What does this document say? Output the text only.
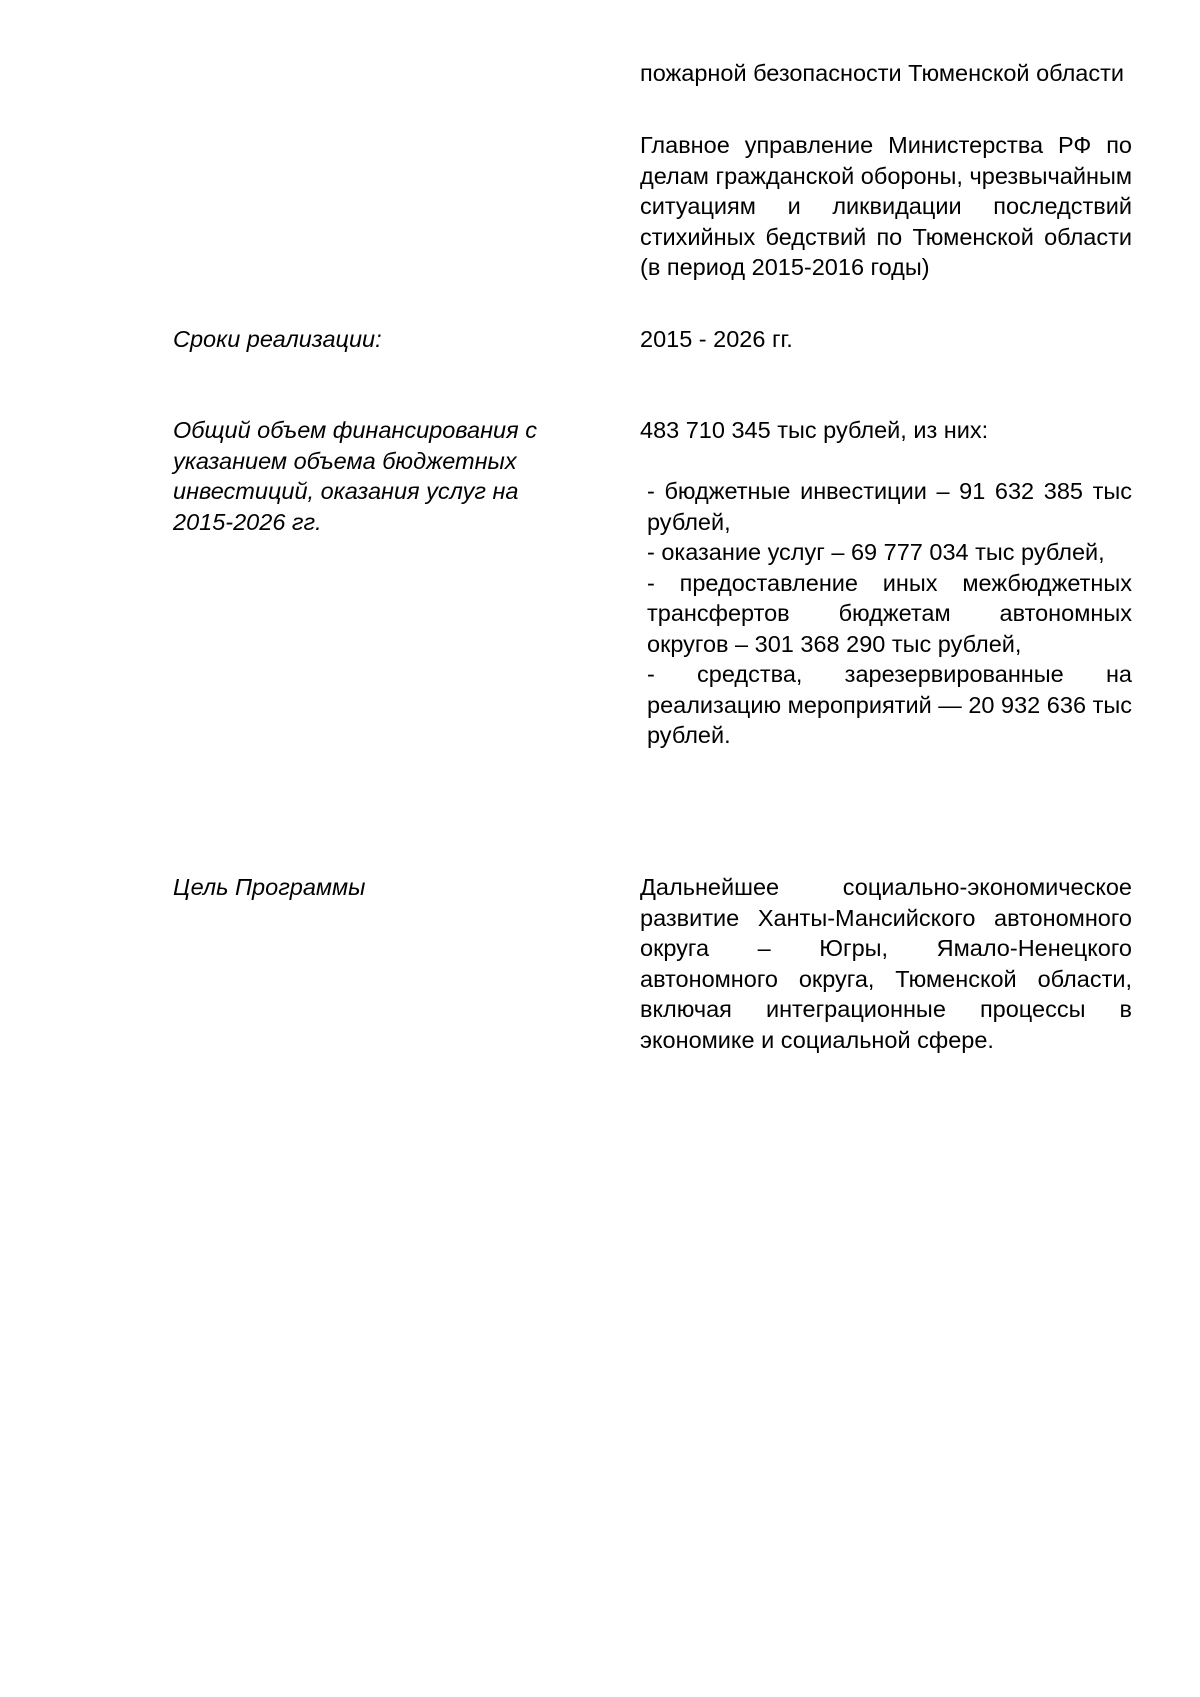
пожарной безопасности Тюменской области
Главное управление Министерства РФ по делам гражданской обороны, чрезвычайным ситуациям и ликвидации последствий стихийных бедствий по Тюменской области (в период 2015-2016 годы)
Сроки реализации:	2015 - 2026 гг.
Общий объем финансирования с указанием объема бюджетных инвестиций, оказания услуг на 2015-2026 гг.
483 710 345 тыс рублей, из них:
- бюджетные инвестиции – 91 632 385 тыс рублей,
- оказание услуг – 69 777 034 тыс рублей,
- предоставление иных межбюджетных трансфертов бюджетам автономных округов – 301 368 290 тыс рублей,
- средства, зарезервированные на реализацию мероприятий — 20 932 636 тыс рублей.
Цель Программы	Дальнейшее социально-экономическое развитие Ханты-Мансийского автономного округа – Югры, Ямало-Ненецкого автономного округа, Тюменской области, включая интеграционные процессы в экономике и социальной сфере.
